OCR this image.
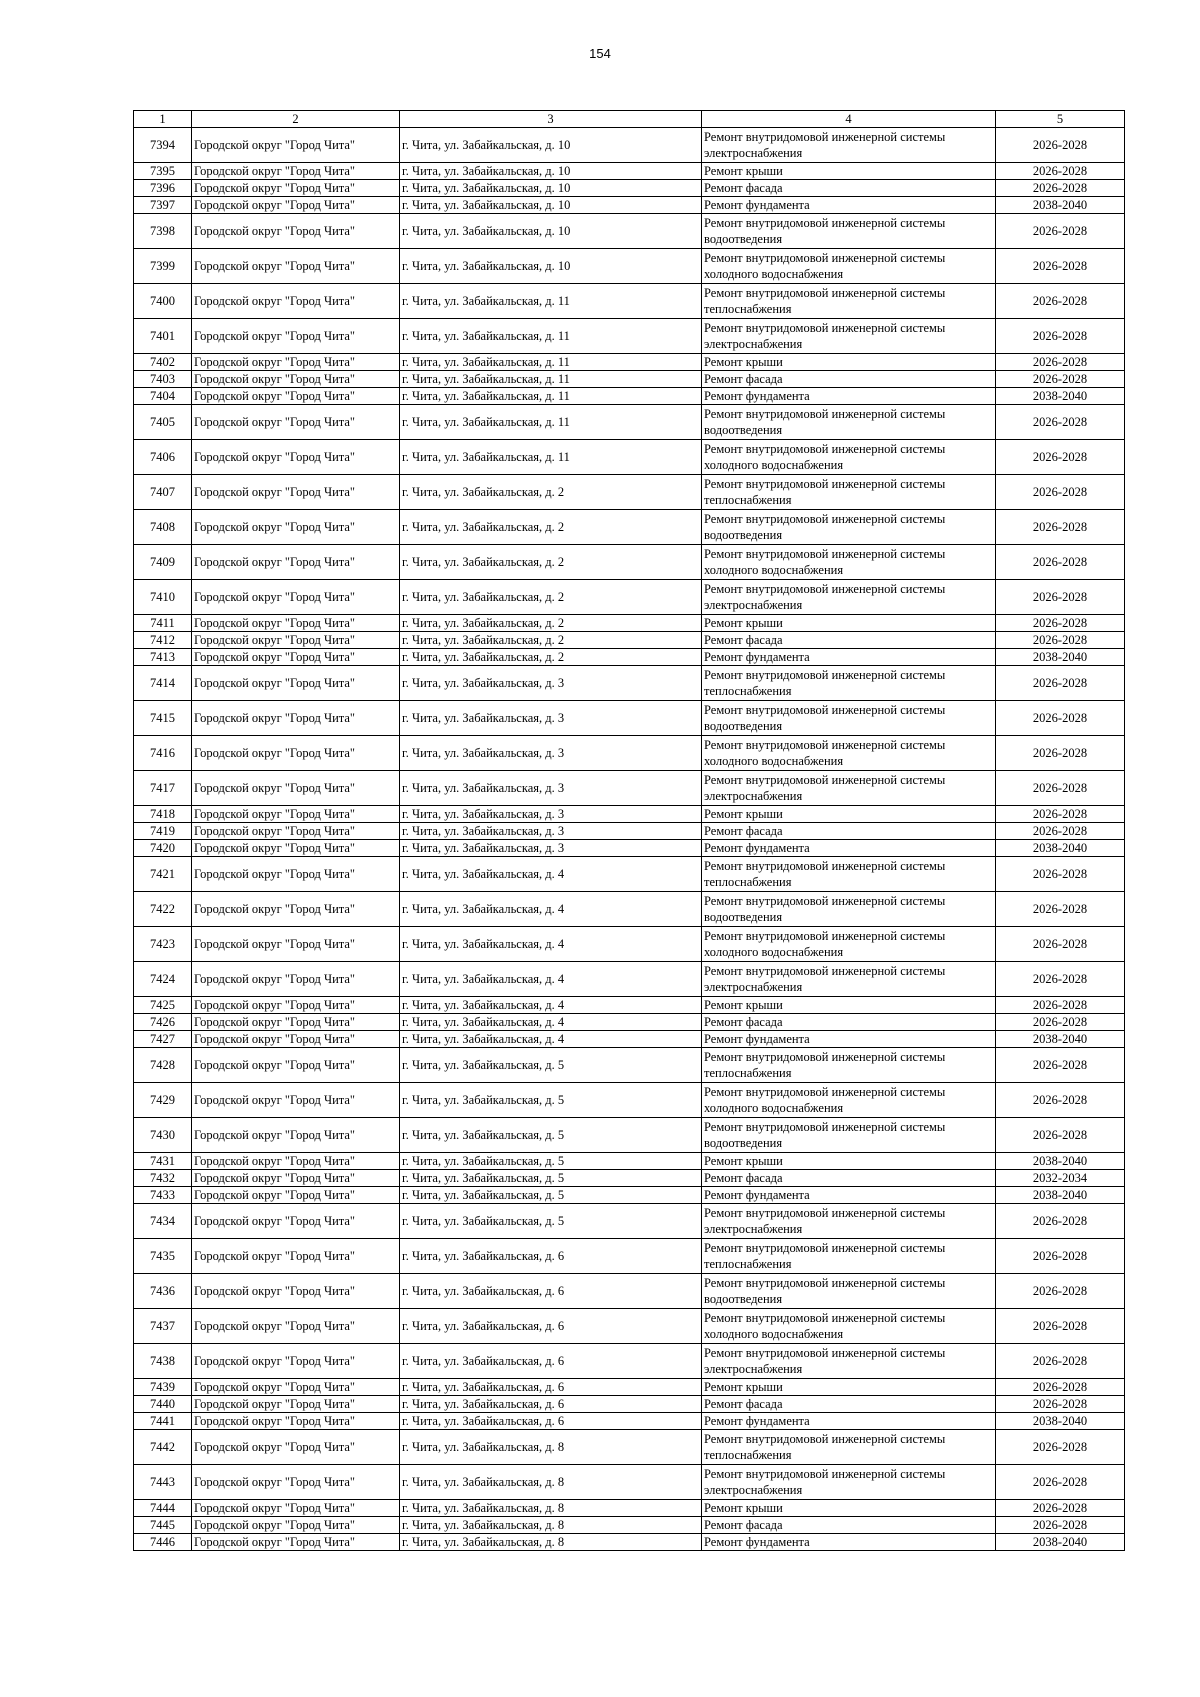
154
1	2	3	4	5
7394	Городской округ "Город Чита"	г. Чита, ул. Забайкальская, д. 10	Ремонт внутридомовой инженерной системы электроснабжения	2026-2028
7395	Городской округ "Город Чита"	г. Чита, ул. Забайкальская, д. 10	Ремонт крыши	2026-2028
7396	Городской округ "Город Чита"	г. Чита, ул. Забайкальская, д. 10	Ремонт фасада	2026-2028
7397	Городской округ "Город Чита"	г. Чита, ул. Забайкальская, д. 10	Ремонт фундамента	2038-2040
7398	Городской округ "Город Чита"	г. Чита, ул. Забайкальская, д. 10	Ремонт внутридомовой инженерной системы водоотведения	2026-2028
7399	Городской округ "Город Чита"	г. Чита, ул. Забайкальская, д. 10	Ремонт внутридомовой инженерной системы холодного водоснабжения	2026-2028
7400	Городской округ "Город Чита"	г. Чита, ул. Забайкальская, д. 11	Ремонт внутридомовой инженерной системы теплоснабжения	2026-2028
7401	Городской округ "Город Чита"	г. Чита, ул. Забайкальская, д. 11	Ремонт внутридомовой инженерной системы электроснабжения	2026-2028
7402	Городской округ "Город Чита"	г. Чита, ул. Забайкальская, д. 11	Ремонт крыши	2026-2028
7403	Городской округ "Город Чита"	г. Чита, ул. Забайкальская, д. 11	Ремонт фасада	2026-2028
7404	Городской округ "Город Чита"	г. Чита, ул. Забайкальская, д. 11	Ремонт фундамента	2038-2040
7405	Городской округ "Город Чита"	г. Чита, ул. Забайкальская, д. 11	Ремонт внутридомовой инженерной системы водоотведения	2026-2028
7406	Городской округ "Город Чита"	г. Чита, ул. Забайкальская, д. 11	Ремонт внутридомовой инженерной системы холодного водоснабжения	2026-2028
7407	Городской округ "Город Чита"	г. Чита, ул. Забайкальская, д. 2	Ремонт внутридомовой инженерной системы теплоснабжения	2026-2028
7408	Городской округ "Город Чита"	г. Чита, ул. Забайкальская, д. 2	Ремонт внутридомовой инженерной системы водоотведения	2026-2028
7409	Городской округ "Город Чита"	г. Чита, ул. Забайкальская, д. 2	Ремонт внутридомовой инженерной системы холодного водоснабжения	2026-2028
7410	Городской округ "Город Чита"	г. Чита, ул. Забайкальская, д. 2	Ремонт внутридомовой инженерной системы электроснабжения	2026-2028
7411	Городской округ "Город Чита"	г. Чита, ул. Забайкальская, д. 2	Ремонт крыши	2026-2028
7412	Городской округ "Город Чита"	г. Чита, ул. Забайкальская, д. 2	Ремонт фасада	2026-2028
7413	Городской округ "Город Чита"	г. Чита, ул. Забайкальская, д. 2	Ремонт фундамента	2038-2040
7414	Городской округ "Город Чита"	г. Чита, ул. Забайкальская, д. 3	Ремонт внутридомовой инженерной системы теплоснабжения	2026-2028
7415	Городской округ "Город Чита"	г. Чита, ул. Забайкальская, д. 3	Ремонт внутридомовой инженерной системы водоотведения	2026-2028
7416	Городской округ "Город Чита"	г. Чита, ул. Забайкальская, д. 3	Ремонт внутридомовой инженерной системы холодного водоснабжения	2026-2028
7417	Городской округ "Город Чита"	г. Чита, ул. Забайкальская, д. 3	Ремонт внутридомовой инженерной системы электроснабжения	2026-2028
7418	Городской округ "Город Чита"	г. Чита, ул. Забайкальская, д. 3	Ремонт крыши	2026-2028
7419	Городской округ "Город Чита"	г. Чита, ул. Забайкальская, д. 3	Ремонт фасада	2026-2028
7420	Городской округ "Город Чита"	г. Чита, ул. Забайкальская, д. 3	Ремонт фундамента	2038-2040
7421	Городской округ "Город Чита"	г. Чита, ул. Забайкальская, д. 4	Ремонт внутридомовой инженерной системы теплоснабжения	2026-2028
7422	Городской округ "Город Чита"	г. Чита, ул. Забайкальская, д. 4	Ремонт внутридомовой инженерной системы водоотведения	2026-2028
7423	Городской округ "Город Чита"	г. Чита, ул. Забайкальская, д. 4	Ремонт внутридомовой инженерной системы холодного водоснабжения	2026-2028
7424	Городской округ "Город Чита"	г. Чита, ул. Забайкальская, д. 4	Ремонт внутридомовой инженерной системы электроснабжения	2026-2028
7425	Городской округ "Город Чита"	г. Чита, ул. Забайкальская, д. 4	Ремонт крыши	2026-2028
7426	Городской округ "Город Чита"	г. Чита, ул. Забайкальская, д. 4	Ремонт фасада	2026-2028
7427	Городской округ "Город Чита"	г. Чита, ул. Забайкальская, д. 4	Ремонт фундамента	2038-2040
7428	Городской округ "Город Чита"	г. Чита, ул. Забайкальская, д. 5	Ремонт внутридомовой инженерной системы теплоснабжения	2026-2028
7429	Городской округ "Город Чита"	г. Чита, ул. Забайкальская, д. 5	Ремонт внутридомовой инженерной системы холодного водоснабжения	2026-2028
7430	Городской округ "Город Чита"	г. Чита, ул. Забайкальская, д. 5	Ремонт внутридомовой инженерной системы водоотведения	2026-2028
7431	Городской округ "Город Чита"	г. Чита, ул. Забайкальская, д. 5	Ремонт крыши	2038-2040
7432	Городской округ "Город Чита"	г. Чита, ул. Забайкальская, д. 5	Ремонт фасада	2032-2034
7433	Городской округ "Город Чита"	г. Чита, ул. Забайкальская, д. 5	Ремонт фундамента	2038-2040
7434	Городской округ "Город Чита"	г. Чита, ул. Забайкальская, д. 5	Ремонт внутридомовой инженерной системы электроснабжения	2026-2028
7435	Городской округ "Город Чита"	г. Чита, ул. Забайкальская, д. 6	Ремонт внутридомовой инженерной системы теплоснабжения	2026-2028
7436	Городской округ "Город Чита"	г. Чита, ул. Забайкальская, д. 6	Ремонт внутридомовой инженерной системы водоотведения	2026-2028
7437	Городской округ "Город Чита"	г. Чита, ул. Забайкальская, д. 6	Ремонт внутридомовой инженерной системы холодного водоснабжения	2026-2028
7438	Городской округ "Город Чита"	г. Чита, ул. Забайкальская, д. 6	Ремонт внутридомовой инженерной системы электроснабжения	2026-2028
7439	Городской округ "Город Чита"	г. Чита, ул. Забайкальская, д. 6	Ремонт крыши	2026-2028
7440	Городской округ "Город Чита"	г. Чита, ул. Забайкальская, д. 6	Ремонт фасада	2026-2028
7441	Городской округ "Город Чита"	г. Чита, ул. Забайкальская, д. 6	Ремонт фундамента	2038-2040
7442	Городской округ "Город Чита"	г. Чита, ул. Забайкальская, д. 8	Ремонт внутридомовой инженерной системы теплоснабжения	2026-2028
7443	Городской округ "Город Чита"	г. Чита, ул. Забайкальская, д. 8	Ремонт внутридомовой инженерной системы электроснабжения	2026-2028
7444	Городской округ "Город Чита"	г. Чита, ул. Забайкальская, д. 8	Ремонт крыши	2026-2028
7445	Городской округ "Город Чита"	г. Чита, ул. Забайкальская, д. 8	Ремонт фасада	2026-2028
7446	Городской округ "Город Чита"	г. Чита, ул. Забайкальская, д. 8	Ремонт фундамента	2038-2040
